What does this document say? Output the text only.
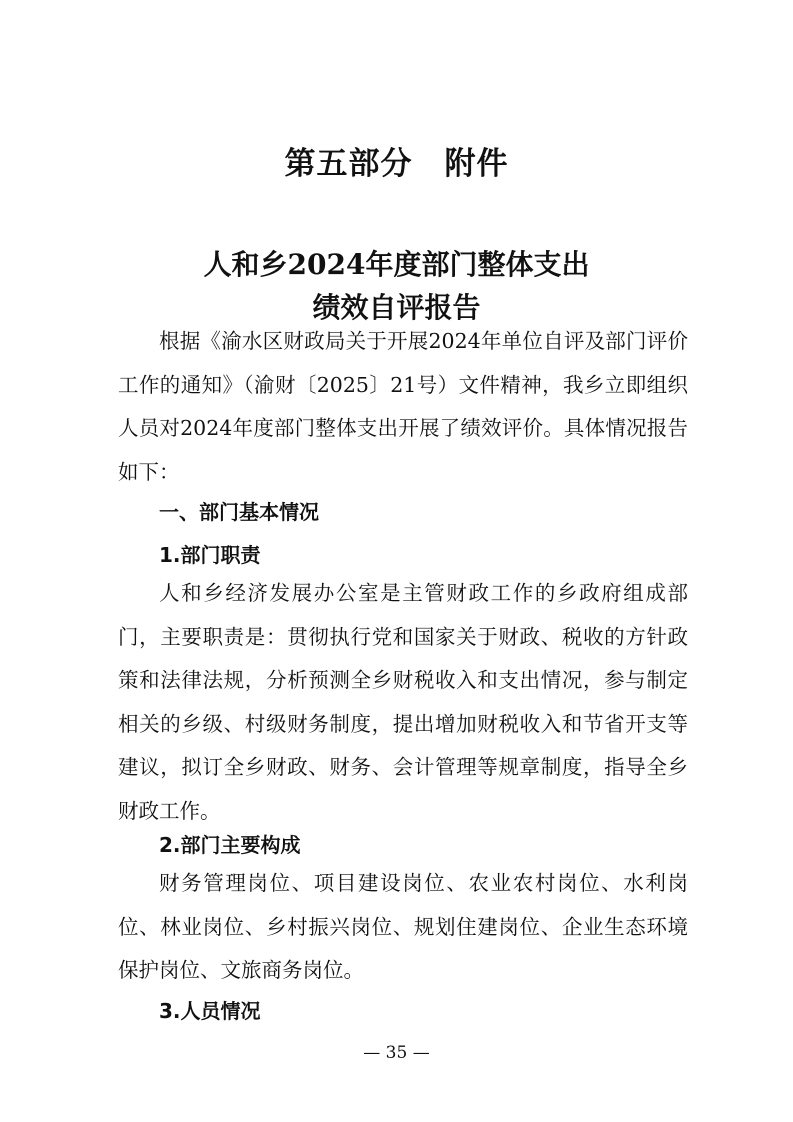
第五部分　附件
人和乡2024年度部门整体支出
绩效自评报告

根据《渝水区财政局关于开展2024年单位自评及部门评价工作的通知》（渝财〔2025〕21号）文件精神，我乡立即组织人员对2024年度部门整体支出开展了绩效评价。具体情况报告如下：

一、部门基本情况
1.部门职责

人和乡经济发展办公室是主管财政工作的乡政府组成部门，主要职责是：贯彻执行党和国家关于财政、税收的方针政策和法律法规，分析预测全乡财税收入和支出情况，参与制定相关的乡级、村级财务制度，提出增加财税收入和节省开支等建议，拟订全乡财政、财务、会计管理等规章制度，指导全乡财政工作。

2.部门主要构成

财务管理岗位、项目建设岗位、农业农村岗位、水利岗位、林业岗位、乡村振兴岗位、规划住建岗位、企业生态环境保护岗位、文旅商务岗位。

3.人员情况
— 35 —
